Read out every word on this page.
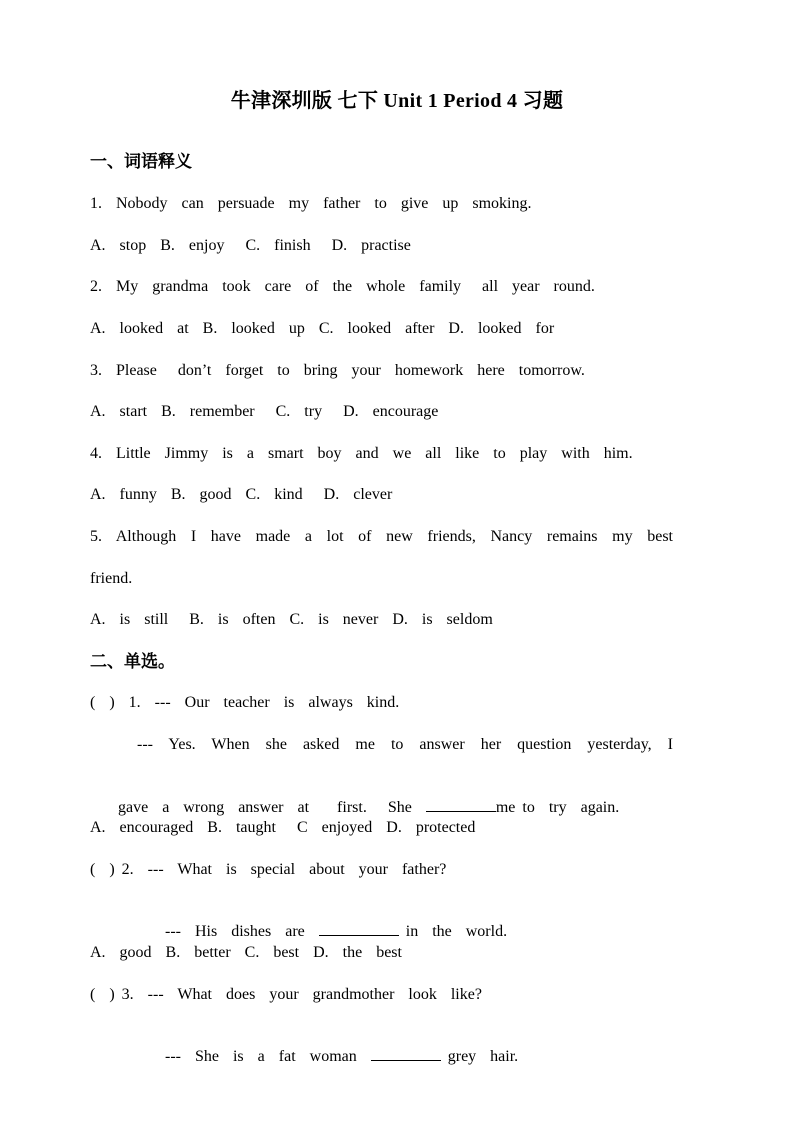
牛津深圳版 七下 Unit 1 Period 4 习题
一、词语释义
1.  Nobody  can  persuade  my  father  to  give  up  smoking.
A.  stop  B.  enjoy   C.  finish   D.  practise
2.  My  grandma  took  care  of  the  whole  family   all  year  round.
A.  looked  at  B.  looked  up  C.  looked  after  D.  looked  for
3.  Please   don’t  forget  to  bring  your  homework  here  tomorrow.
A.  start  B.  remember   C.  try   D.  encourage
4.  Little  Jimmy  is  a  smart  boy  and  we  all  like  to  play  with  him.
A.  funny  B.  good  C.  kind   D.  clever
5. Although I have made a lot of new friends, Nancy remains my best
friend.
A.  is  still   B.  is  often  C.  is  never  D.  is  seldom
二、单选。
(  )  1.  ---  Our  teacher  is  always  kind.
--- Yes. When she asked me to answer her question yesterday, I

gave  a  wrong  answer  at    first.   She	me to  try  again.

A.  encouraged  B.  taught   C  enjoyed  D.  protected
(  ) 2.  ---  What  is  special  about  your  father?

---  His  dishes  are	in  the  world.

A.  good  B.  better  C.  best  D.  the  best
(  ) 3.  ---  What  does  your  grandmother  look  like?

---  She  is  a  fat  woman	grey  hair.
